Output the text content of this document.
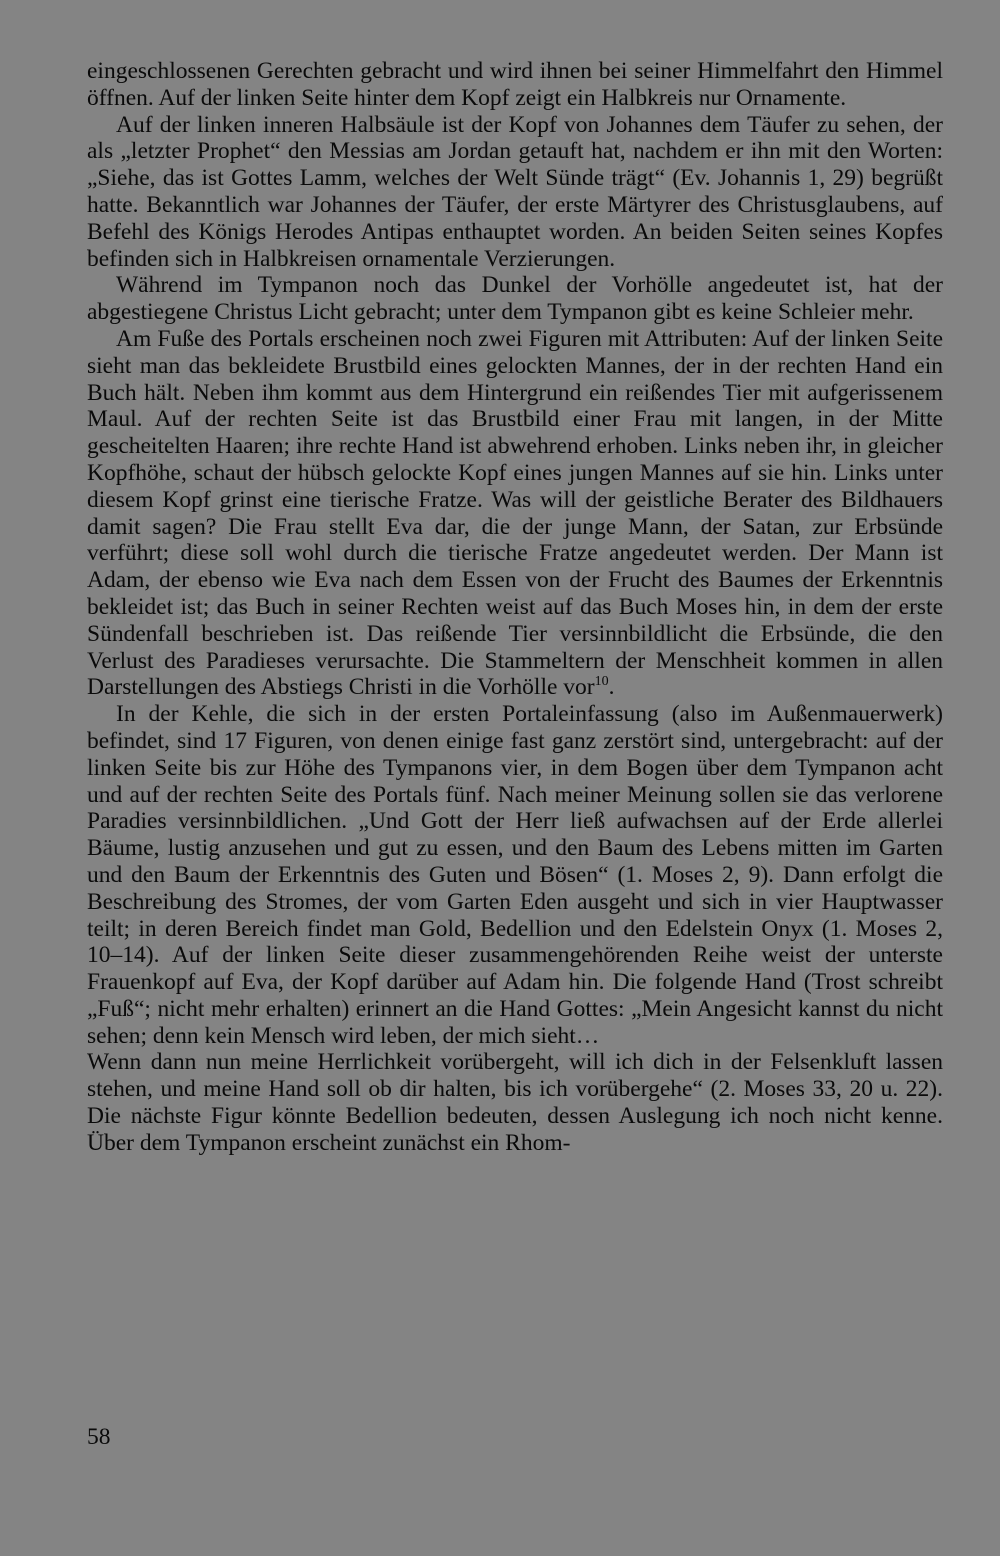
eingeschlossenen Gerechten gebracht und wird ihnen bei seiner Himmelfahrt den Himmel öffnen. Auf der linken Seite hinter dem Kopf zeigt ein Halbkreis nur Ornamente.

Auf der linken inneren Halbsäule ist der Kopf von Johannes dem Täufer zu sehen, der als „letzter Prophet“ den Messias am Jordan getauft hat, nachdem er ihn mit den Worten: „Siehe, das ist Gottes Lamm, welches der Welt Sünde trägt“ (Ev. Johannis 1, 29) begrüßt hatte. Bekanntlich war Johannes der Täufer, der erste Märtyrer des Christusglaubens, auf Befehl des Königs Herodes Antipas enthauptet worden. An beiden Seiten seines Kopfes befinden sich in Halbkreisen ornamentale Verzierungen.

Während im Tympanon noch das Dunkel der Vorhölle angedeutet ist, hat der abgestiegene Christus Licht gebracht; unter dem Tympanon gibt es keine Schleier mehr.

Am Fuße des Portals erscheinen noch zwei Figuren mit Attributen: Auf der linken Seite sieht man das bekleidete Brustbild eines gelockten Mannes, der in der rechten Hand ein Buch hält. Neben ihm kommt aus dem Hintergrund ein reißendes Tier mit aufgerissenem Maul. Auf der rechten Seite ist das Brustbild einer Frau mit langen, in der Mitte gescheitelten Haaren; ihre rechte Hand ist abwehrend erhoben. Links neben ihr, in gleicher Kopfhöhe, schaut der hübsch gelockte Kopf eines jungen Mannes auf sie hin. Links unter diesem Kopf grinst eine tierische Fratze. Was will der geistliche Berater des Bildhauers damit sagen? Die Frau stellt Eva dar, die der junge Mann, der Satan, zur Erbsünde verführt; diese soll wohl durch die tierische Fratze angedeutet werden. Der Mann ist Adam, der ebenso wie Eva nach dem Essen von der Frucht des Baumes der Erkenntnis bekleidet ist; das Buch in seiner Rechten weist auf das Buch Moses hin, in dem der erste Sündenfall beschrieben ist. Das reißende Tier versinnbildlicht die Erbsünde, die den Verlust des Paradieses verursachte. Die Stammeltern der Menschheit kommen in allen Darstellungen des Abstiegs Christi in die Vorhölle vor$^{10}$.

In der Kehle, die sich in der ersten Portaleinfassung (also im Außenmauerwerk) befindet, sind 17 Figuren, von denen einige fast ganz zerstört sind, untergebracht: auf der linken Seite bis zur Höhe des Tympanons vier, in dem Bogen über dem Tympanon acht und auf der rechten Seite des Portals fünf. Nach meiner Meinung sollen sie das verlorene Paradies versinnbildlichen. „Und Gott der Herr ließ aufwachsen auf der Erde allerlei Bäume, lustig anzusehen und gut zu essen, und den Baum des Lebens mitten im Garten und den Baum der Erkenntnis des Guten und Bösen“ (1. Moses 2, 9). Dann erfolgt die Beschreibung des Stromes, der vom Garten Eden ausgeht und sich in vier Hauptwasser teilt; in deren Bereich findet man Gold, Bedellion und den Edelstein Onyx (1. Moses 2, 10–14). Auf der linken Seite dieser zusammengehörenden Reihe weist der unterste Frauenkopf auf Eva, der Kopf darüber auf Adam hin. Die folgende Hand (Trost schreibt „Fuß“; nicht mehr erhalten) erinnert an die Hand Gottes: „Mein Angesicht kannst du nicht sehen; denn kein Mensch wird leben, der mich sieht…

Wenn dann nun meine Herrlichkeit vorübergeht, will ich dich in der Felsenkluft lassen stehen, und meine Hand soll ob dir halten, bis ich vorübergehe“ (2. Moses 33, 20 u. 22). Die nächste Figur könnte Bedellion bedeuten, dessen Auslegung ich noch nicht kenne. Über dem Tympanon erscheint zunächst ein Rhom-

58
